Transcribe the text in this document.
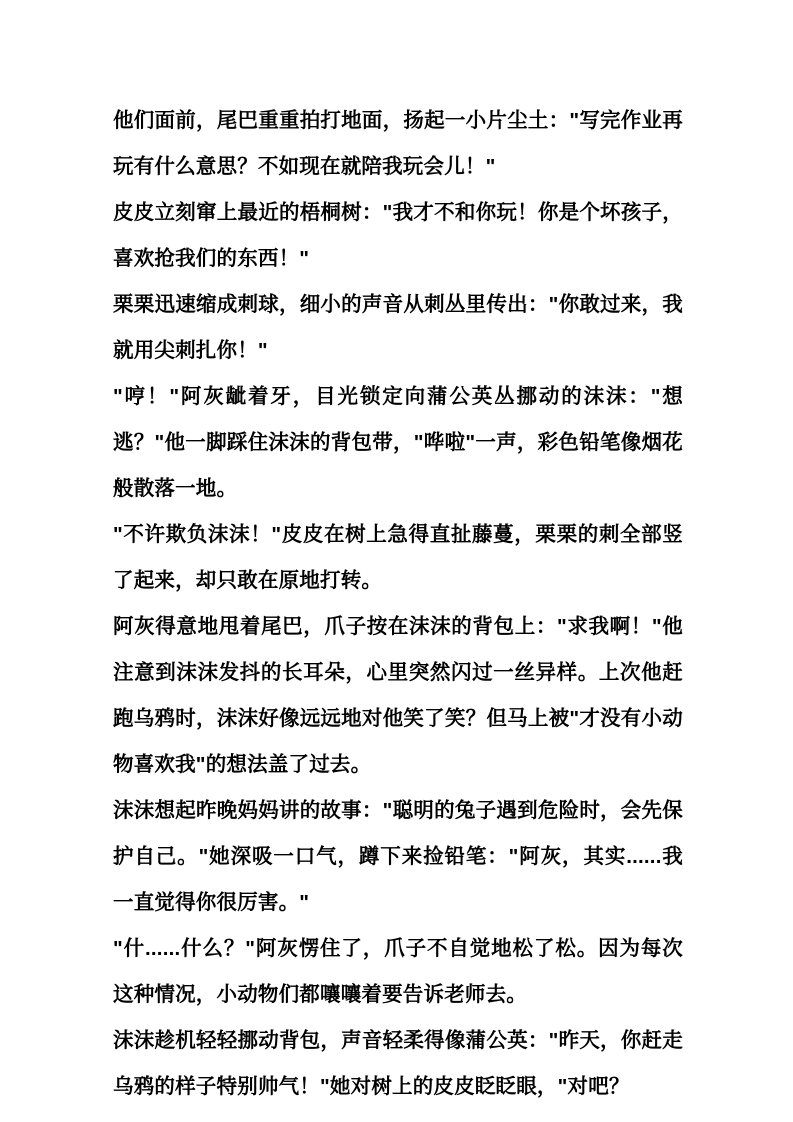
他们面前，尾巴重重拍打地面，扬起一小片尘土："写完作业再玩有什么意思？不如现在就陪我玩会儿！"

皮皮立刻窜上最近的梧桐树："我才不和你玩！你是个坏孩子，喜欢抢我们的东西！"

栗栗迅速缩成刺球，细小的声音从刺丛里传出："你敢过来，我就用尖刺扎你！"

"哼！"阿灰龇着牙，目光锁定向蒲公英丛挪动的沫沫："想逃？"他一脚踩住沫沫的背包带，"哗啦"一声，彩色铅笔像烟花般散落一地。

"不许欺负沫沫！"皮皮在树上急得直扯藤蔓，栗栗的刺全部竖了起来，却只敢在原地打转。

阿灰得意地甩着尾巴，爪子按在沫沫的背包上："求我啊！"他注意到沫沫发抖的长耳朵，心里突然闪过一丝异样。上次他赶跑乌鸦时，沫沫好像远远地对他笑了笑？但马上被"才没有小动物喜欢我"的想法盖了过去。

沫沫想起昨晚妈妈讲的故事："聪明的兔子遇到危险时，会先保护自己。"她深吸一口气，蹲下来捡铅笔："阿灰，其实......我一直觉得你很厉害。"

"什......什么？"阿灰愣住了，爪子不自觉地松了松。因为每次这种情况，小动物们都嚷嚷着要告诉老师去。

沫沫趁机轻轻挪动背包，声音轻柔得像蒲公英："昨天，你赶走乌鸦的样子特别帅气！"她对树上的皮皮眨眨眼，"对吧？
